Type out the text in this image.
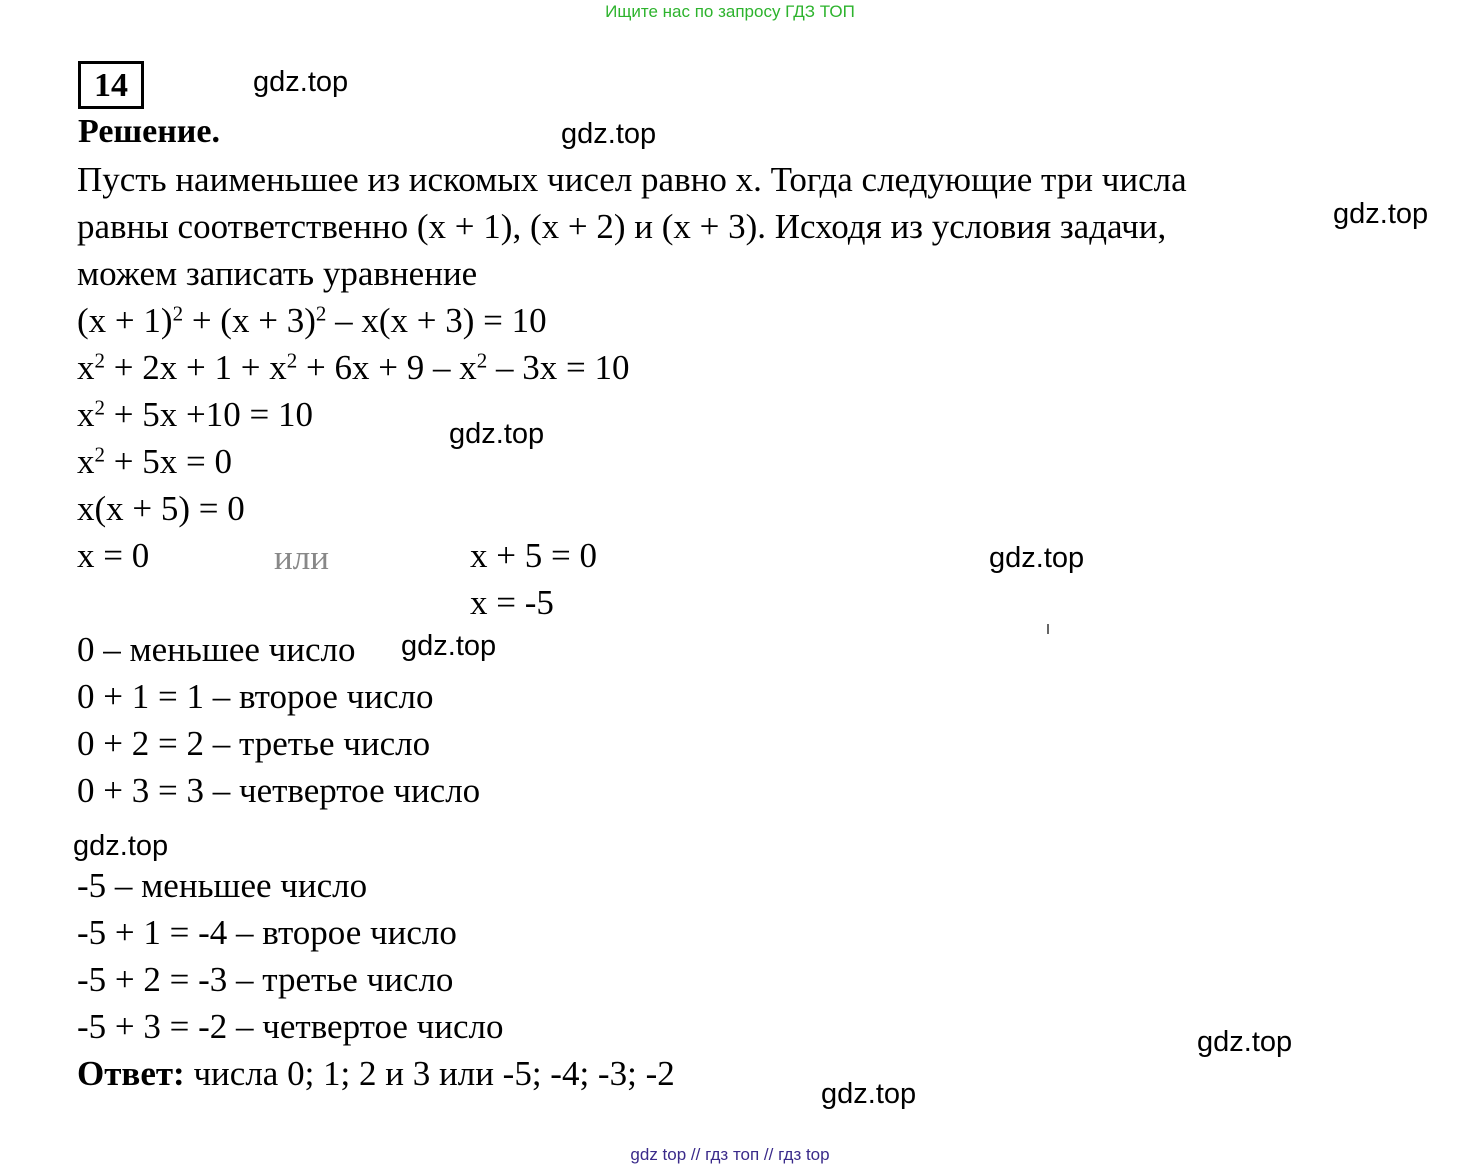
Ищите нас по запросу ГДЗ ТОП
14
Решение.
Пусть наименьшее из искомых чисел равно x. Тогда следующие три числа
равны соответственно (x + 1), (x + 2) и (x + 3). Исходя из условия задачи,
можем записать уравнение
$(x + 1)^2 + (x + 3)^2 - x(x + 3) = 10$
$x^2 + 2x + 1 + x^2 + 6x + 9 - x^2 - 3x = 10$
$x^2 + 5x +10 = 10$
$x^2 + 5x = 0$
x(x + 5) = 0
x = 0	или	x + 5 = 0
x = -5
0 – меньшее число
0 + 1 = 1 – второе число
0 + 2 = 2 – третье число
0 + 3 = 3 – четвертое число
-5 – меньшее число
-5 + 1 = -4 – второе число
-5 + 2 = -3 – третье число
-5 + 3 = -2 – четвертое число
Ответ: числа 0; 1; 2 и 3 или -5; -4; -3; -2
gdz.top
gdz.top
gdz.top
gdz.top
gdz.top
gdz.top
gdz.top
gdz.top
gdz.top
gdz top // гдз топ // гдз top
